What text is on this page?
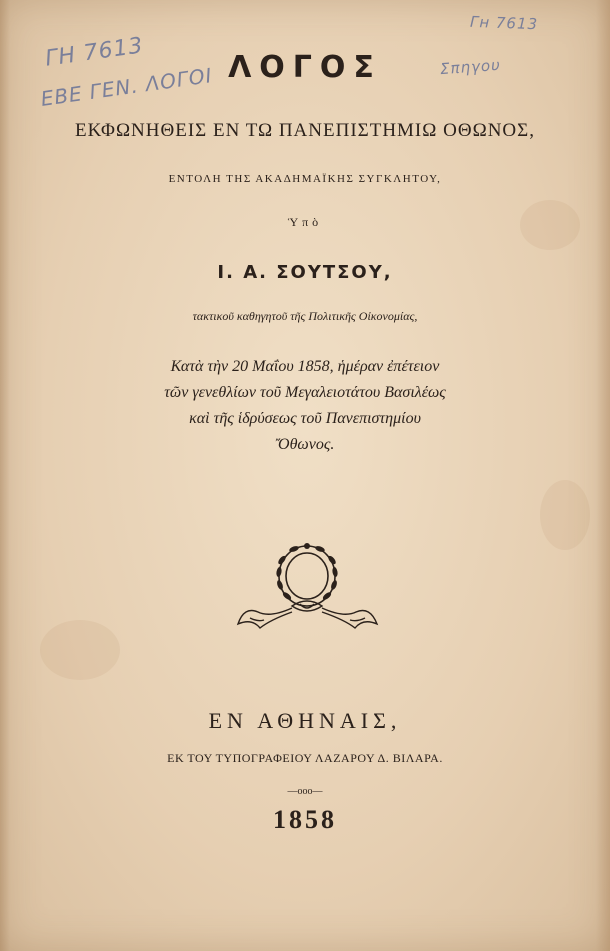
ΓΗ 7613
ΕΒΕ ΓΕΝ. ΛΟΓΟΙ
Γн 7613
Σπηγου
ΛΟΓΟΣ
ΕΚΦΩΝΗΘΕΙΣ ΕΝ ΤΩ ΠΑΝΕΠΙΣΤΗΜΙΩ ΟΘΩΝΟΣ,
ΕΝΤΟΛΗ ΤΗΣ ΑΚΑΔΗΜΑΪΚΗΣ ΣΥΓΚΛΗΤΟΥ,
Ὑπὸ
Ι. Α. ΣΟΥΤΣΟΥ,
τακτικοῦ καθηγητοῦ τῆς Πολιτικῆς Οἰκονομίας,
Κατὰ τὴν 20 Μαΐου 1858, ἡμέραν ἐπέτειον
τῶν γενεθλίων τοῦ Μεγαλειοτάτου Βασιλέως
καὶ τῆς ἱδρύσεως τοῦ Πανεπιστημίου
Ὄθωνος.
ΕΝ ΑΘΗΝΑΙΣ,
ΕΚ ΤΟΥ ΤΥΠΟΓΡΑΦΕΙΟΥ ΛΑΖΑΡΟΥ Δ. ΒΙΛΑΡΑ.
—ooo—
1858
